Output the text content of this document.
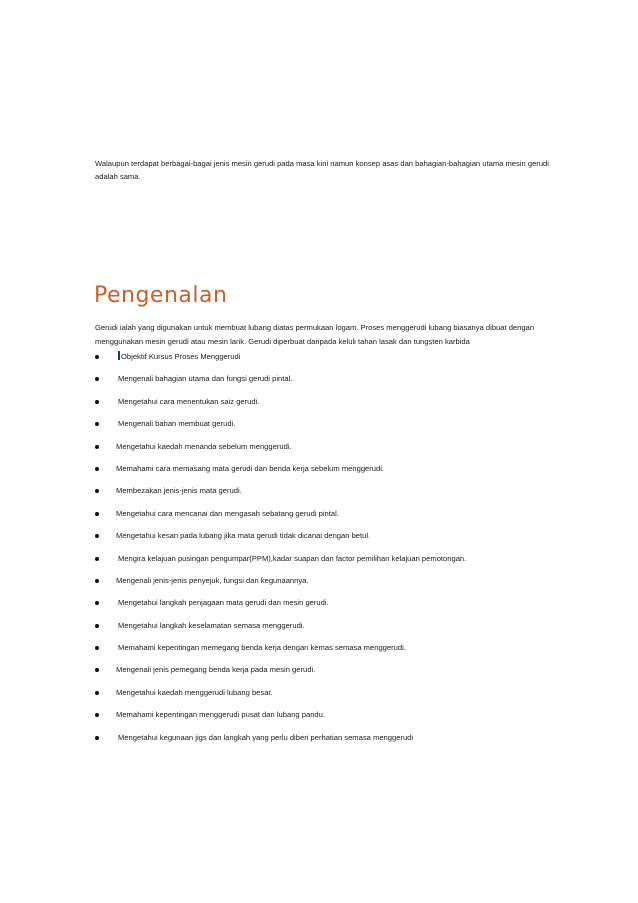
Walaupun terdapat berbagai-bagai jenis mesin gerudi pada masa kini namun konsep asas dan bahagian-bahagian utama mesin gerudi adalah sama.

Pengenalan

Gerudi ialah yang digunakan untuk membuat lubang diatas permukaan logam. Proses menggerudi lubang biasanya dibuat dengan menggunakan mesin gerudi atau mesin larik. Gerudi diperbuat daripada keluli tahan lasak dan tungsten karbida

Objektif Kursus Proses Menggerudi
Mengenali bahagian utama dan fungsi gerudi pintal.
Mengetahui cara menentukan saiz gerudi.
Mengenali bahan membuat gerudi.
Mengetahui kaedah menanda sebelum menggerudi.
Memahami cara memasang mata gerudi dan benda kerja sebelum menggerudi.
Membezakan jenis-jenis mata gerudi.
Mengetahui cara mencanai dan mengasah sebatang gerudi pintal.
Mengetahui kesan pada lubang jika mata gerudi tidak dicanai dengan betul.
Mengira kelajuan pusingan pengumpar(PPM),kadar suapan dan factor pemilihan kelajuan pemotongan.
Mengenali jenis-jenis penyejuk, fungsi dan kegunaannya.
Mengetahui langkah penjagaan mata gerudi dan mesin gerudi.
Mengetahui langkah keselamatan semasa menggerudi.
Memahami kepentingan memegang benda kerja dengan kemas semasa menggerudi.
Mengenali jenis pemegang benda kerja pada mesin gerudi.
Mengetahui kaedah menggerudi lubang besar.
Memahami kepentingan menggerudi pusat dan lubang pandu.
Mengetahui kegunaan jigs dan langkah yang perlu diberi perhatian semasa menggerudi
